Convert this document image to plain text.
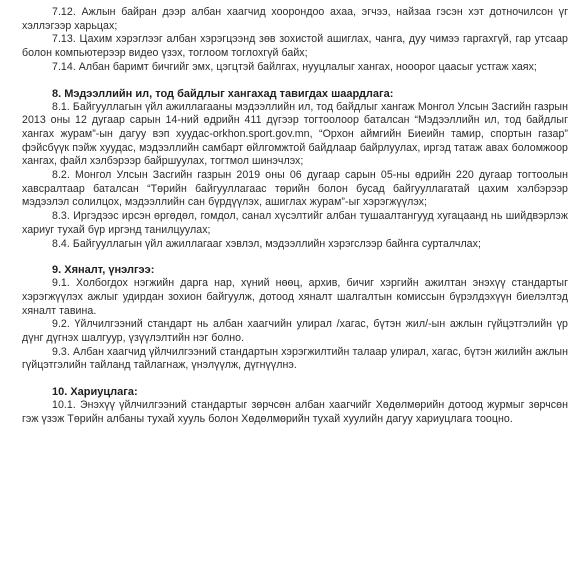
7.12. Ажлын байран дээр албан хаагчид хоорондоо ахаа, эгчээ, найзаа гэсэн хэт дотночилсон үг хэллэгээр харьцах;

7.13. Цахим хэрэглээг албан хэрэгцээнд зөв зохистой ашиглах, чанга, дуу чимээ гаргахгүй, гар утсаар болон компьютерээр видео үзэх, тоглоом тоглохгүй байх;

7.14. Албан баримт бичгийг эмх, цэгцтэй байлгах, нууцлалыг хангах, нооорог цаасыг устгаж хаях;

8. Мэдээллийн ил, тод байдлыг хангахад тавигдах шаардлага:

8.1. Байгууллагын үйл ажиллагааны мэдээллийн ил, тод байдлыг хангаж Монгол Улсын Засгийн газрын 2013 оны 12 дугаар сарын 14-ний өдрийн 411 дүгээр тогтоолоор баталсан “Мэдээллийн ил, тод байдлыг хангах журам”-ын дагуу вэп хуудас-orkhon.sport.gov.mn, “Орхон аймгийн Биеийн тамир, спортын газар” фэйсбүүк пэйж хуудас, мэдээллийн самбарт өйлгомжтой байдлаар байрлуулах, иргэд татаж авах боломжоор хангах, файл хэлбэрээр байршуулах, тогтмол шинэчлэх;

8.2. Монгол Улсын Засгийн газрын 2019 оны 06 дугаар сарын 05-ны өдрийн 220 дугаар тогтоолын хавсралтаар баталсан “Төрийн байгууллагаас төрийн болон бусад байгууллагатай цахим хэлбэрээр мэдээлэл солилцох, мэдээллийн сан бүрдүүлэх, ашиглах журам”-ыг хэрэгжүүлэх;

8.3. Иргэдээс ирсэн өргөдөл, гомдол, санал хүсэлтийг албан тушаалтангууд хугацаанд нь шийдвэрлэж хариуг тухай бүр иргэнд танилцуулах;

8.4. Байгууллагын үйл ажиллагааг хэвлэл, мэдээллийн хэрэгслээр байнга сурталчлах;

9. Хяналт, үнэлгээ:

9.1. Холбогдох нэгжийн дарга нар, хүний нөөц, архив, бичиг хэргийн ажилтан энэхүү стандартыг хэрэгжүүлэх ажлыг удирдан зохион байгуулж, дотоод хяналт шалгалтын комиссын бүрэлдэхүүн биелэлтэд хяналт тавина.

9.2. Үйлчилгээний стандарт нь албан хаагчийн улирал /хагас, бүтэн жил/-ын ажлын гүйцэтгэлийн үр дүнг дүгнэх шалгуур, үзүүлэлтийн нэг болно.

9.3. Албан хаагчид үйлчилгээний стандартын хэрэгжилтийн талаар улирал, хагас, бүтэн жилийн ажлын гүйцэтгэлийн тайланд тайлагнаж, үнэлүүлж, дүгнүүлнэ.

10. Хариуцлага:

10.1. Энэхүү үйлчилгээний стандартыг зөрчсөн албан хаагчийг Хөдөлмөрийн дотоод журмыг зөрчсөн гэж үзэж Төрийн албаны тухай хууль болон Хөдөлмөрийн тухай хуулийн дагуу хариуцлага тооцно.
